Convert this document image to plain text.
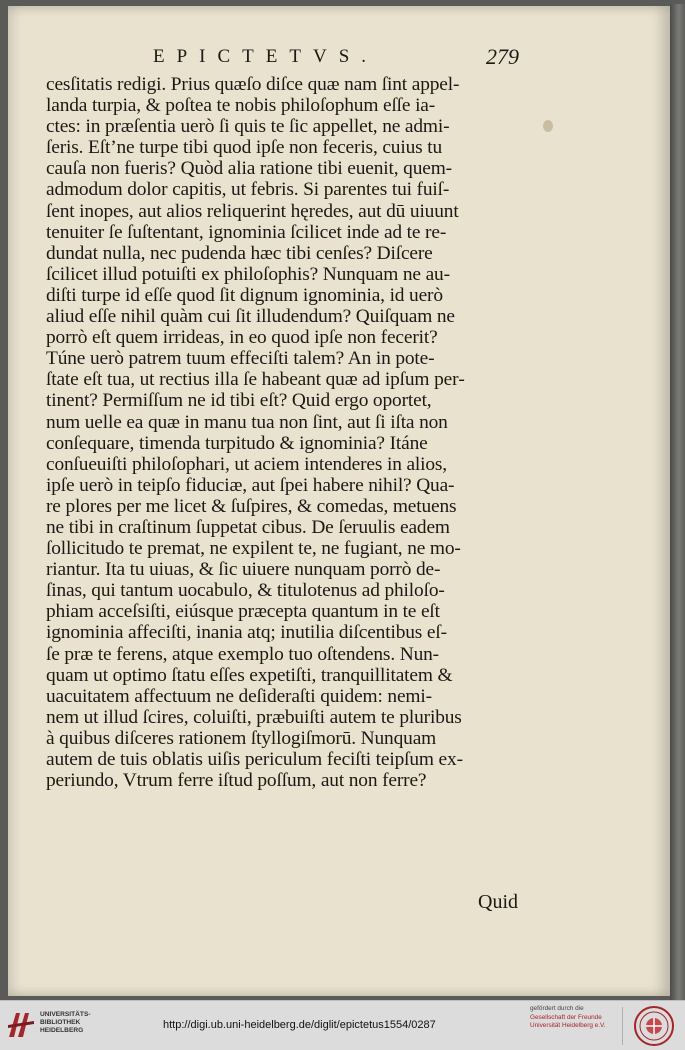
EPICTETVS.	279
cesſitatis redigi. Prius quæſo diſce quæ nam ſint appel‑
landa turpia, & poſtea te nobis philoſophum eſſe ia‑
ctes: in præſentia uerò ſi quis te ſic appellet, ne admi‑
ſeris. Eſt’ne turpe tibi quod ipſe non feceris, cuius tu
cauſa non fueris? Quòd alia ratione tibi euenit, quem‑
admodum dolor capitis, ut febris. Si parentes tui fuiſ‑
ſent inopes, aut alios reliquerint hęredes, aut dū uiuunt
tenuiter ſe ſuſtentant, ignominia ſcilicet inde ad te re‑
dundat nulla, nec pudenda hæc tibi cenſes? Diſcere
ſcilicet illud potuiſti ex philoſophis? Nunquam ne au‑
diſti turpe id eſſe quod ſit dignum ignominia, id uerò
aliud eſſe nihil quàm cui ſit illudendum? Quiſquam ne
porrò eſt quem irrideas, in eo quod ipſe non fecerit?
Túne uerò patrem tuum effeciſti talem? An in pote‑
ſtate eſt tua, ut rectius illa ſe habeant quæ ad ipſum per‑
tinent? Permiſſum ne id tibi eſt? Quid ergo oportet,
num uelle ea quæ in manu tua non ſint, aut ſi iſta non
conſequare, timenda turpitudo & ignominia? Itáne
conſueuiſti philoſophari, ut aciem intenderes in alios,
ipſe uerò in teipſo fiduciæ, aut ſpei habere nihil? Qua‑
re plores per me licet & ſuſpires, & comedas, metuens
ne tibi in craſtinum ſuppetat cibus. De ſeruulis eadem
ſollicitudo te premat, ne expilent te, ne fugiant, ne mo‑
riantur. Ita tu uiuas, & ſic uiuere nunquam porrò de‑
ſinas, qui tantum uocabulo, & titulotenus ad philoſo‑
phiam acceſsiſti, eiúsque præcepta quantum in te eſt
ignominia affeciſti, inania atq; inutilia diſcentibus eſ‑
ſe præ te ferens, atque exemplo tuo oſtendens. Nun‑
quam ut optimo ſtatu eſſes expetiſti, tranquillitatem &
uacuitatem affectuum ne deſideraſti quidem: nemi‑
nem ut illud ſcires, coluiſti, præbuiſti autem te pluribus
à quibus diſceres rationem ſtyllogiſmorū. Nunquam
autem de tuis oblatis uiſis periculum feciſti teipſum ex‑
periundo, Vtrum ferre iſtud poſſum, aut non ferre?
Quid
UNIVERSITÄTS-
BIBLIOTHEK
HEIDELBERG	http://digi.ub.uni-heidelberg.de/diglit/epictetus1554/0287
gefördert durch die
Gesellschaft der Freunde
Universität Heidelberg e.V.
